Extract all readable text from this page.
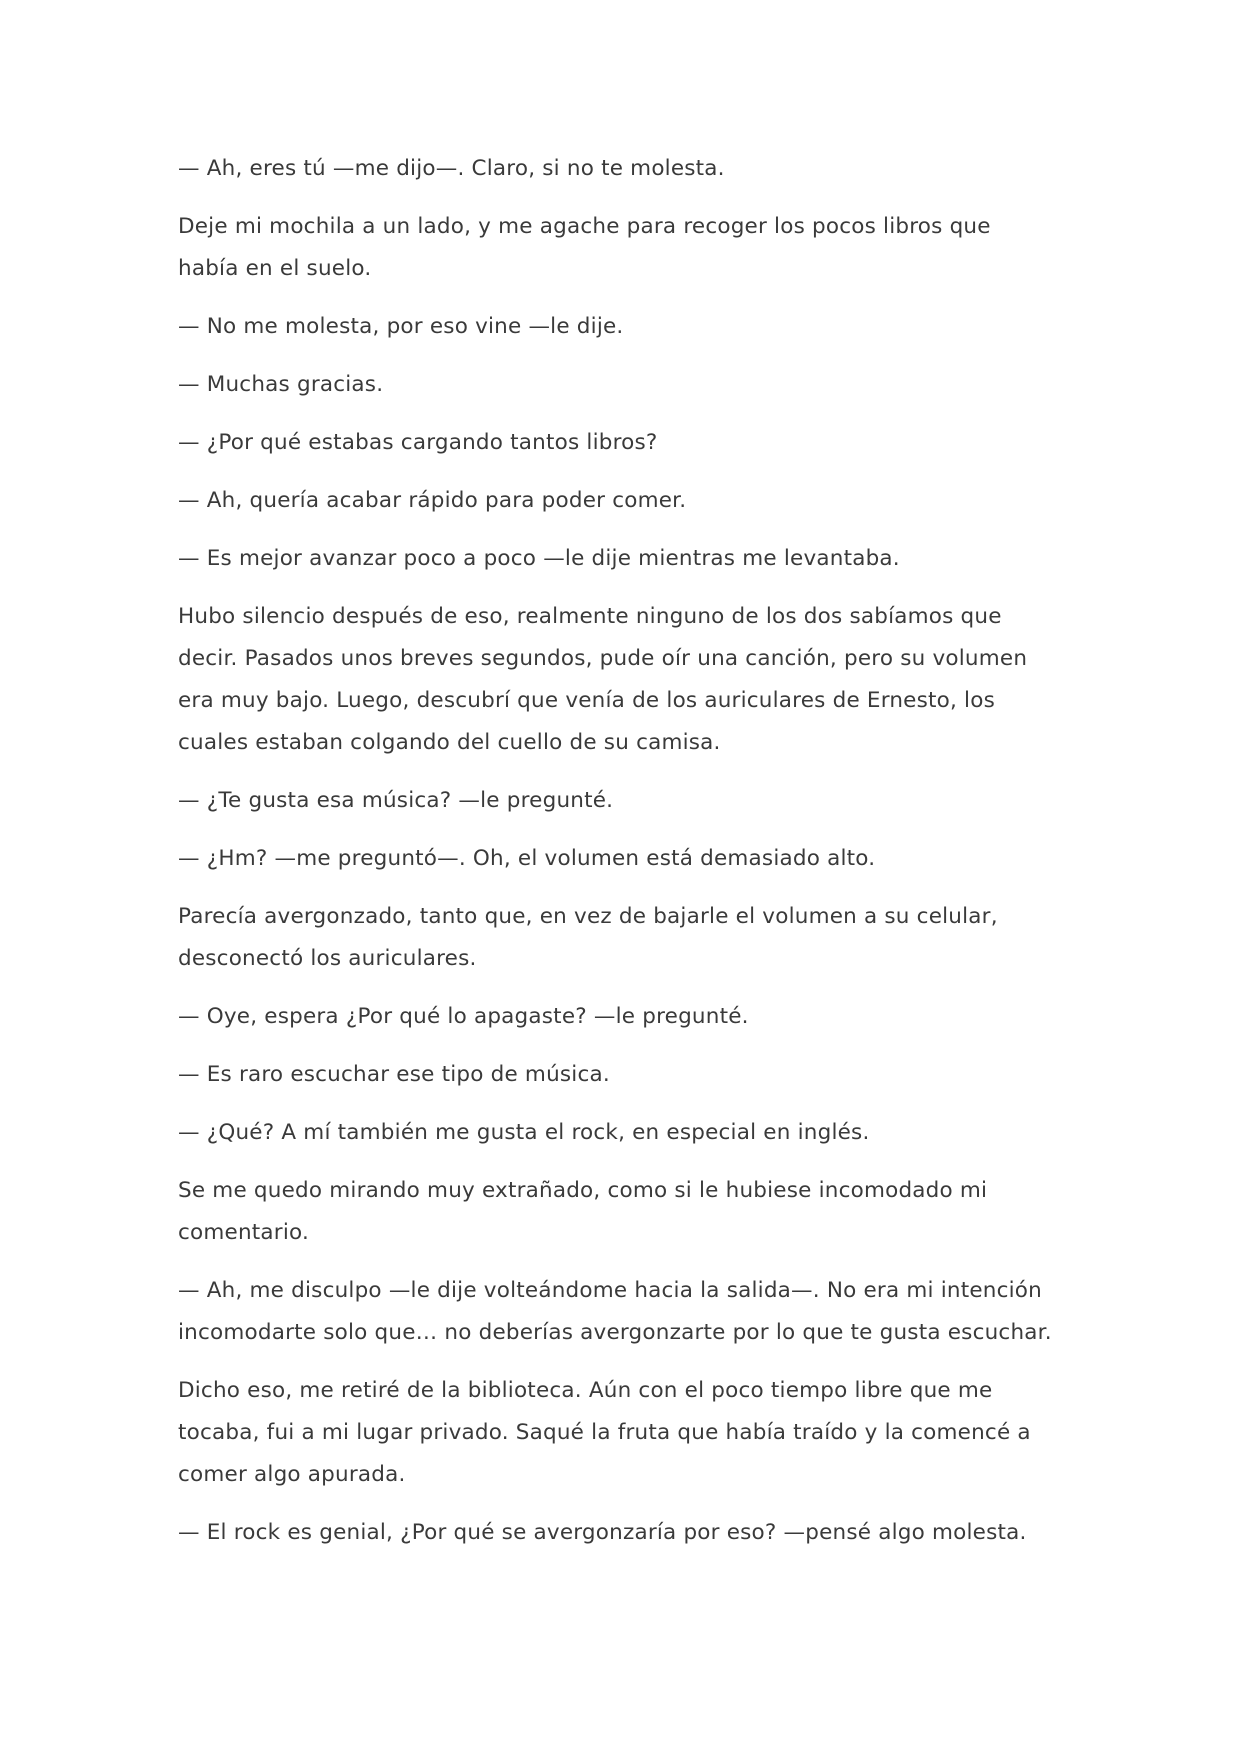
— Ah, eres tú —me dijo—. Claro, si no te molesta.

Deje mi mochila a un lado, y me agache para recoger los pocos libros que había en el suelo.

— No me molesta, por eso vine —le dije.

— Muchas gracias.

— ¿Por qué estabas cargando tantos libros?

— Ah, quería acabar rápido para poder comer.

— Es mejor avanzar poco a poco —le dije mientras me levantaba.

Hubo silencio después de eso, realmente ninguno de los dos sabíamos que decir. Pasados unos breves segundos, pude oír una canción, pero su volumen era muy bajo. Luego, descubrí que venía de los auriculares de Ernesto, los cuales estaban colgando del cuello de su camisa.

— ¿Te gusta esa música? —le pregunté.

— ¿Hm? —me preguntó—. Oh, el volumen está demasiado alto.

Parecía avergonzado, tanto que, en vez de bajarle el volumen a su celular, desconectó los auriculares.

— Oye, espera ¿Por qué lo apagaste? —le pregunté.

— Es raro escuchar ese tipo de música.

— ¿Qué? A mí también me gusta el rock, en especial en inglés.

Se me quedo mirando muy extrañado, como si le hubiese incomodado mi comentario.

— Ah, me disculpo —le dije volteándome hacia la salida—. No era mi intención incomodarte solo que… no deberías avergonzarte por lo que te gusta escuchar.

Dicho eso, me retiré de la biblioteca. Aún con el poco tiempo libre que me tocaba, fui a mi lugar privado. Saqué la fruta que había traído y la comencé a comer algo apurada.

— El rock es genial, ¿Por qué se avergonzaría por eso? —pensé algo molesta.
